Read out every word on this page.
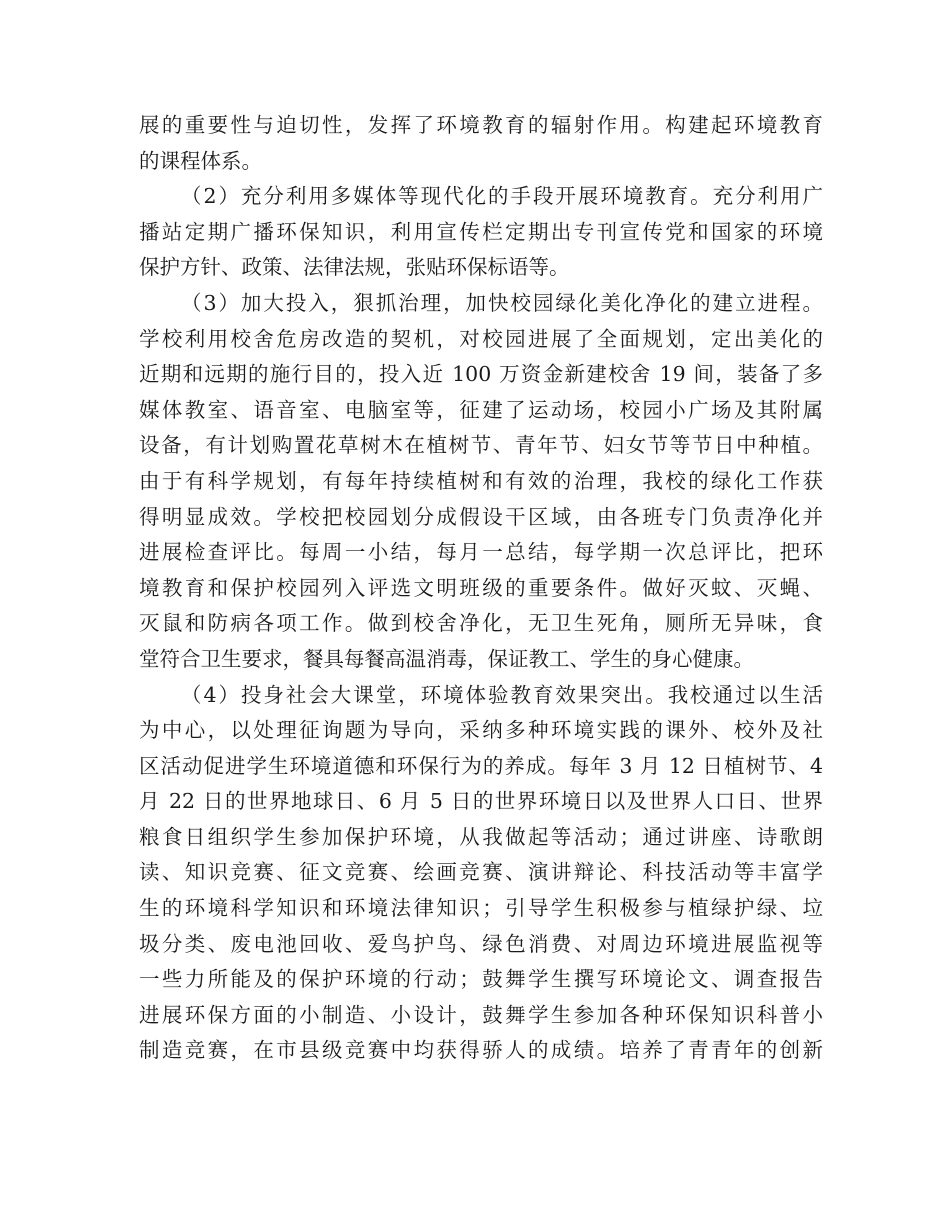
展的重要性与迫切性，发挥了环境教育的辐射作用。构建起环境教育
的课程体系。
（2）充分利用多媒体等现代化的手段开展环境教育。充分利用广
播站定期广播环保知识，利用宣传栏定期出专刊宣传党和国家的环境
保护方针、政策、法律法规，张贴环保标语等。
（3）加大投入，狠抓治理，加快校园绿化美化净化的建立进程。
学校利用校舍危房改造的契机，对校园进展了全面规划，定出美化的
近期和远期的施行目的，投入近 100 万资金新建校舍 19 间，装备了多
媒体教室、语音室、电脑室等，征建了运动场，校园小广场及其附属
设备，有计划购置花草树木在植树节、青年节、妇女节等节日中种植。
由于有科学规划，有每年持续植树和有效的治理，我校的绿化工作获
得明显成效。学校把校园划分成假设干区域，由各班专门负责净化并
进展检查评比。每周一小结，每月一总结，每学期一次总评比，把环
境教育和保护校园列入评选文明班级的重要条件。做好灭蚊、灭蝇、
灭鼠和防病各项工作。做到校舍净化，无卫生死角，厕所无异味，食
堂符合卫生要求，餐具每餐高温消毒，保证教工、学生的身心健康。
（4）投身社会大课堂，环境体验教育效果突出。我校通过以生活
为中心，以处理征询题为导向，采纳多种环境实践的课外、校外及社
区活动促进学生环境道德和环保行为的养成。每年 3 月 12 日植树节、4
月 22 日的世界地球日、6 月 5 日的世界环境日以及世界人口日、世界
粮食日组织学生参加保护环境，从我做起等活动；通过讲座、诗歌朗
读、知识竞赛、征文竞赛、绘画竞赛、演讲辩论、科技活动等丰富学
生的环境科学知识和环境法律知识；引导学生积极参与植绿护绿、垃
圾分类、废电池回收、爱鸟护鸟、绿色消费、对周边环境进展监视等
一些力所能及的保护环境的行动；鼓舞学生撰写环境论文、调查报告
进展环保方面的小制造、小设计，鼓舞学生参加各种环保知识科普小
制造竞赛，在市县级竞赛中均获得骄人的成绩。培养了青青年的创新
